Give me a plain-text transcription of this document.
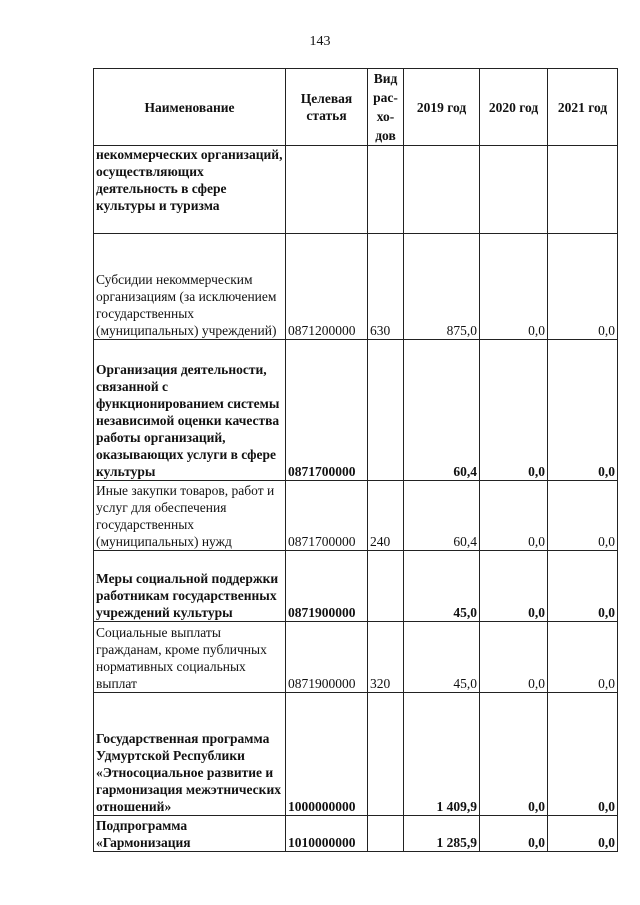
143
Наименование	Целевая статья	Вид
рас-
хо-
дов	2019 год	2020 год	2021 год
некоммерческих организаций, осуществляющих деятельность в сфере культуры и туризма					
Субсидии некоммерческим организациям (за исключением государственных (муниципальных) учреждений)	0871200000	630	875,0	0,0	0,0
Организация деятельности, связанной с функционированием системы независимой оценки качества работы организаций, оказывающих услуги в сфере культуры	0871700000		60,4	0,0	0,0
Иные закупки товаров, работ и услуг для обеспечения государственных (муниципальных) нужд	0871700000	240	60,4	0,0	0,0
Меры социальной поддержки работникам государственных учреждений культуры	0871900000		45,0	0,0	0,0
Социальные выплаты гражданам, кроме публичных нормативных социальных выплат	0871900000	320	45,0	0,0	0,0
Государственная программа Удмуртской Республики «Этносоциальное развитие и гармонизация межэтнических отношений»	1000000000		1 409,9	0,0	0,0
Подпрограмма «Гармонизация	1010000000		1 285,9	0,0	0,0
